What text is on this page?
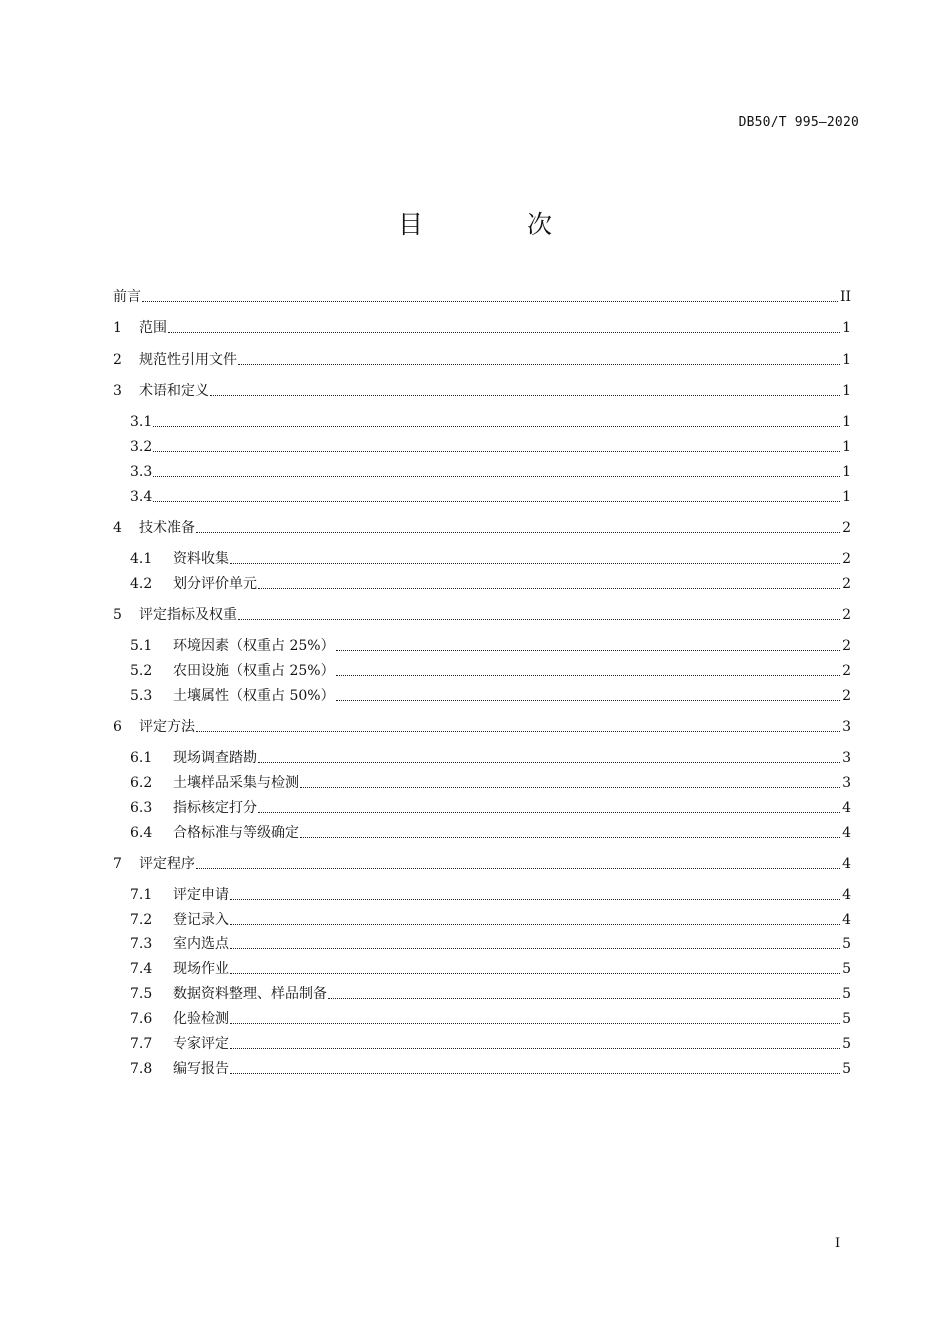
DB50/T 995—2020
目 次
前言	II
1	范围	1
2	规范性引用文件	1
3	术语和定义	1
3.1	1
3.2	1
3.3	1
3.4	1
4	技术准备	2
4.1	资料收集	2
4.2	划分评价单元	2
5	评定指标及权重	2
5.1	环境因素（权重占 25%）	2
5.2	农田设施（权重占 25%）	2
5.3	土壤属性（权重占 50%）	2
6	评定方法	3
6.1	现场调查踏勘	3
6.2	土壤样品采集与检测	3
6.3	指标核定打分	4
6.4	合格标准与等级确定	4
7	评定程序	4
7.1	评定申请	4
7.2	登记录入	4
7.3	室内选点	5
7.4	现场作业	5
7.5	数据资料整理、样品制备	5
7.6	化验检测	5
7.7	专家评定	5
7.8	编写报告	5
I
